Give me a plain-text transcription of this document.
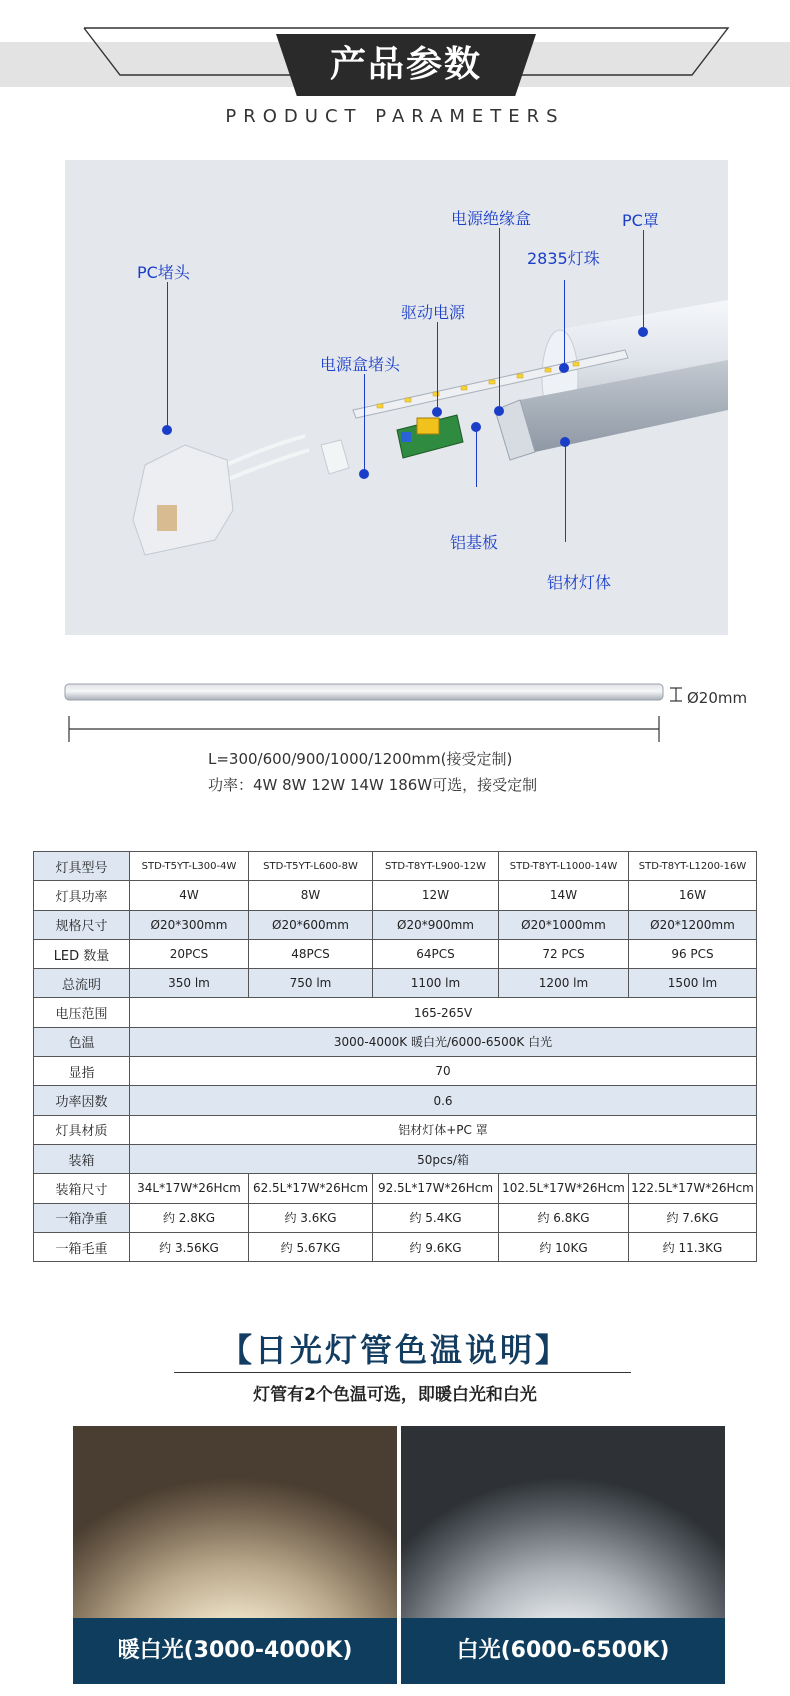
产品参数
PRODUCT PARAMETERS
PC堵头
电源盒堵头
驱动电源
电源绝缘盒
2835灯珠
PC罩
铝基板
铝材灯体
Ø20mm
L=300/600/900/1000/1200mm(接受定制)
功率：4W 8W 12W 14W 186W可选，接受定制
灯具型号	STD-T5YT-L300-4W	STD-T5YT-L600-8W	STD-T8YT-L900-12W	STD-T8YT-L1000-14W	STD-T8YT-L1200-16W
灯具功率	4W	8W	12W	14W	16W
规格尺寸	Ø20*300mm	Ø20*600mm	Ø20*900mm	Ø20*1000mm	Ø20*1200mm
LED 数量	20PCS	48PCS	64PCS	72 PCS	96 PCS
总流明	350 lm	750 lm	1100 lm	1200 lm	1500 lm
电压范围	165-265V				
色温	3000-4000K 暖白光/6000-6500K 白光				
显指	70				
功率因数	0.6				
灯具材质	铝材灯体+PC 罩				
装箱	50pcs/箱				
装箱尺寸	34L*17W*26Hcm	62.5L*17W*26Hcm	92.5L*17W*26Hcm	102.5L*17W*26Hcm	122.5L*17W*26Hcm
一箱净重	约 2.8KG	约 3.6KG	约 5.4KG	约 6.8KG	约 7.6KG
一箱毛重	约 3.56KG	约 5.67KG	约 9.6KG	约 10KG	约 11.3KG
【日光灯管色温说明】
灯管有2个色温可选，即暖白光和白光
暖白光(3000-4000K)	白光(6000-6500K)
